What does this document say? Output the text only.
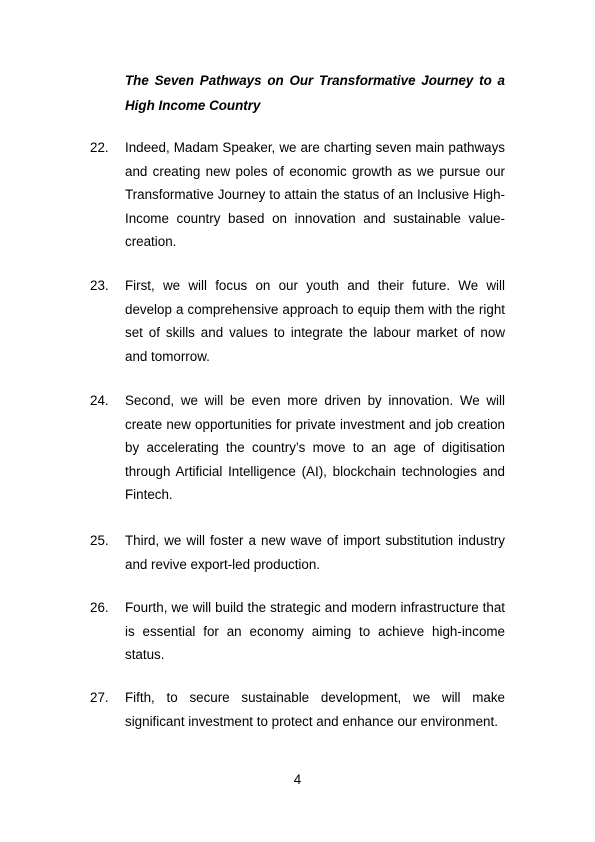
The Seven Pathways on Our Transformative Journey to a High Income Country
22. Indeed, Madam Speaker, we are charting seven main pathways and creating new poles of economic growth as we pursue our Transformative Journey to attain the status of an Inclusive High-Income country based on innovation and sustainable value-creation.
23. First, we will focus on our youth and their future. We will develop a comprehensive approach to equip them with the right set of skills and values to integrate the labour market of now and tomorrow.
24. Second, we will be even more driven by innovation. We will create new opportunities for private investment and job creation by accelerating the country’s move to an age of digitisation through Artificial Intelligence (AI), blockchain technologies and Fintech.
25. Third, we will foster a new wave of import substitution industry and revive export-led production.
26. Fourth, we will build the strategic and modern infrastructure that is essential for an economy aiming to achieve high-income status.
27. Fifth, to secure sustainable development, we will make significant investment to protect and enhance our environment.
4
